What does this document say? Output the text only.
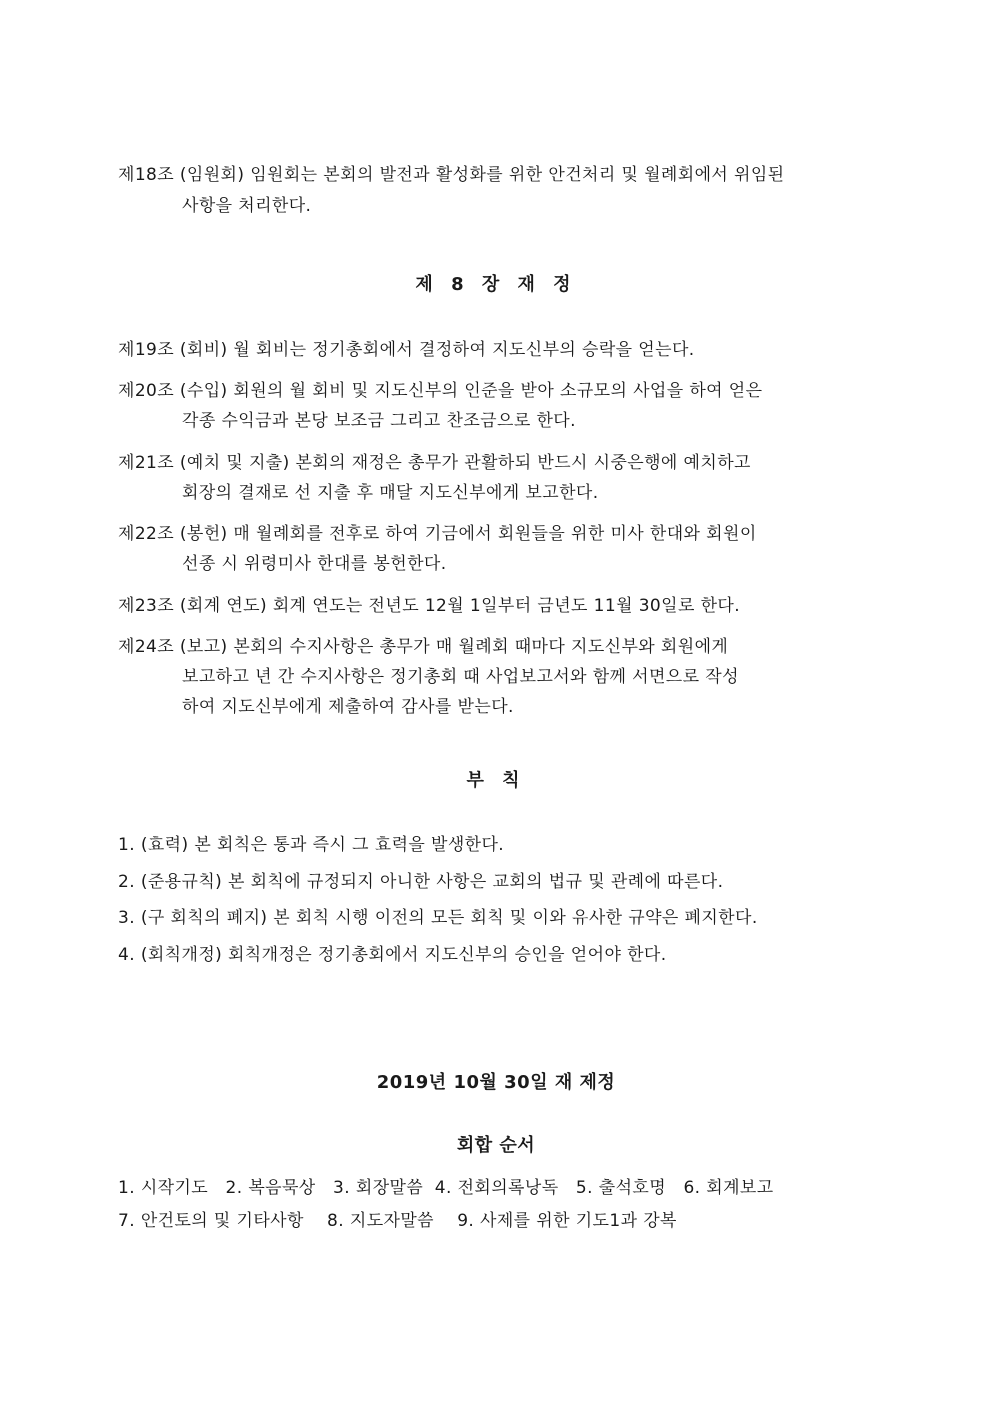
제18조 (임원회) 임원회는 본회의 발전과 활성화를 위한 안건처리 및 월례회에서 위임된

사항을 처리한다.

제 8 장 재 정

제19조 (회비) 월 회비는 정기총회에서 결정하여 지도신부의 승락을 얻는다.

제20조 (수입) 회원의 월 회비 및 지도신부의 인준을 받아 소규모의 사업을 하여 얻은

각종 수익금과 본당 보조금 그리고 찬조금으로 한다.

제21조 (예치 및 지출) 본회의 재정은 총무가 관활하되 반드시 시중은행에 예치하고

회장의 결재로 선 지출 후 매달 지도신부에게 보고한다.

제22조 (봉헌) 매 월례회를 전후로 하여 기금에서 회원들을 위한 미사 한대와 회원이

선종 시 위령미사 한대를 봉헌한다.

제23조 (회계 연도) 회계 연도는 전년도 12월 1일부터 금년도 11월 30일로 한다.

제24조 (보고) 본회의 수지사항은 총무가 매 월례회 때마다 지도신부와 회원에게

보고하고 년 간 수지사항은 정기총회 때 사업보고서와 함께 서면으로 작성

하여 지도신부에게 제출하여 감사를 받는다.

부 칙

1. (효력) 본 회칙은 통과 즉시 그 효력을 발생한다.

2. (준용규칙) 본 회칙에 규정되지 아니한 사항은 교회의 법규 및 관례에 따른다.

3. (구 회칙의 폐지) 본 회칙 시행 이전의 모든 회칙 및 이와 유사한 규약은 폐지한다.

4. (회칙개정) 회칙개정은 정기총회에서 지도신부의 승인을 얻어야 한다.

2019년 10월 30일 재 제정
회합 순서

1. 시작기도   2. 복음묵상   3. 회장말씀  4. 전회의록낭독   5. 출석호명   6. 회계보고

7. 안건토의 및 기타사항    8. 지도자말씀    9. 사제를 위한 기도1과 강복
